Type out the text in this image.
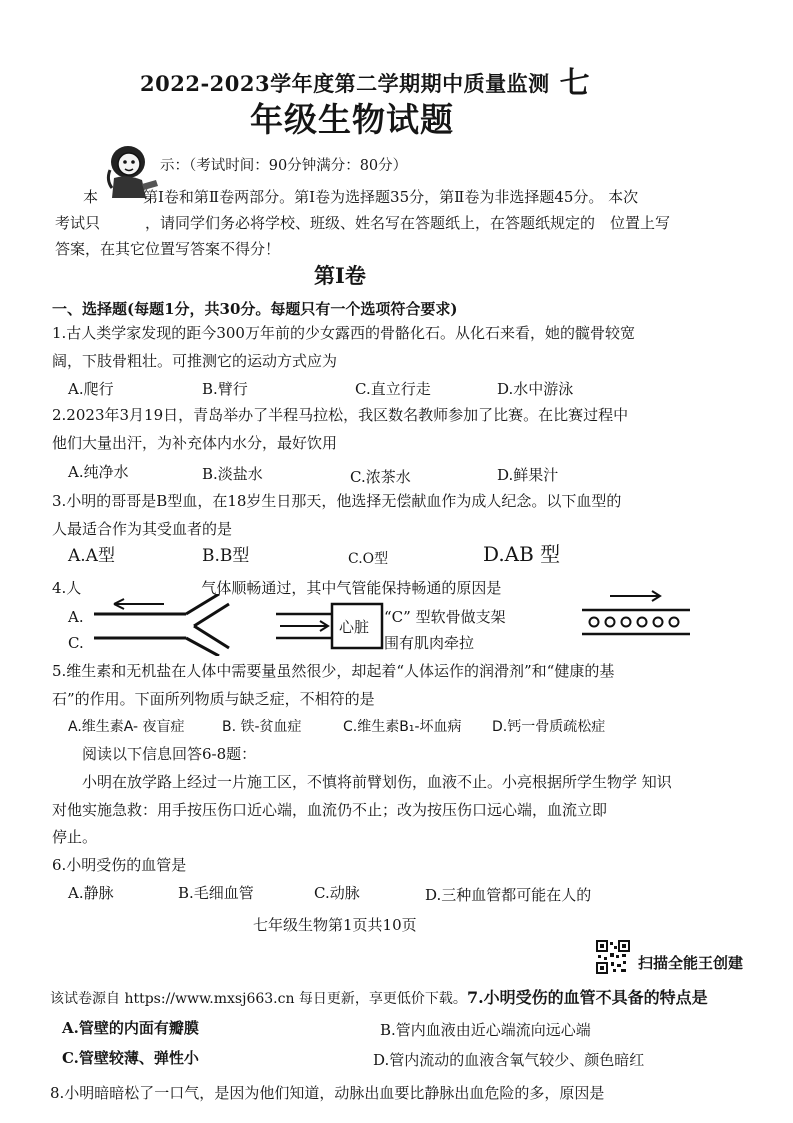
2022-2023学年度第二学期期中质量监测 七
年级生物试题
示：（考试时间：90分钟满分：80分）

本　　　第Ⅰ卷和第Ⅱ卷两部分。第Ⅰ卷为选择题35分，第Ⅱ卷为非选择题45分。 本次

考试只　　　，请同学们务必将学校、班级、姓名写在答题纸上，在答题纸规定的　位置上写

答案，在其它位置写答案不得分！

第Ⅰ卷
一、选择题(每题1分，共30分。每题只有一个选项符合要求)
1.古人类学家发现的距今300万年前的少女露西的骨骼化石。从化石来看，她的髋骨较宽
阔，下肢骨粗壮。可推测它的运动方式应为
A.爬行	B.臂行	C.直立行走	D.水中游泳
2.2023年3月19日，青岛举办了半程马拉松，我区数名教师参加了比赛。在比赛过程中
他们大量出汗，为补充体内水分，最好饮用
A.纯净水	B.淡盐水	C.浓茶水	D.鲜果汁
3.小明的哥哥是B型血，在18岁生日那天，他选择无偿献血作为成人纪念。以下血型的
人最适合作为其受血者的是
A.A型	B.B型	C.O型	D.AB 型
4.人　　　　　　　　气体顺畅通过，其中气管能保持畅通的原因是
A.
C.
心脏
“C” 型软骨做支架
围有肌肉牵拉
5.维生素和无机盐在人体中需要量虽然很少，却起着“人体运作的润滑剂”和“健康的基
石”的作用。下面所列物质与缺乏症，不相符的是
A.维生素A- 夜盲症	B. 铁-贫血症	C.维生素B₁-坏血病 D.钙一骨质疏松症
阅读以下信息回答6-8题：
小明在放学路上经过一片施工区，不慎将前臂划伤，血液不止。小亮根据所学生物学 知识
对他实施急救：用手按压伤口近心端，血流仍不止；改为按压伤口远心端，血流立即
停止。
6.小明受伤的血管是
A.静脉	B.毛细血管	C.动脉	D.三种血管都可能在人的
七年级生物第1页共10页
扫描全能王创建
该试卷源自 https://www.mxsj663.cn 每日更新，享更低价下载。7.小明受伤的血管不具备的特点是
A.管壁的内面有瓣膜	B.管内血液由近心端流向远心端
C.管壁较薄、弹性小	D.管内流动的血液含氧气较少、颜色暗红
8.小明暗暗松了一口气，是因为他们知道，动脉出血要比静脉出血危险的多，原因是
